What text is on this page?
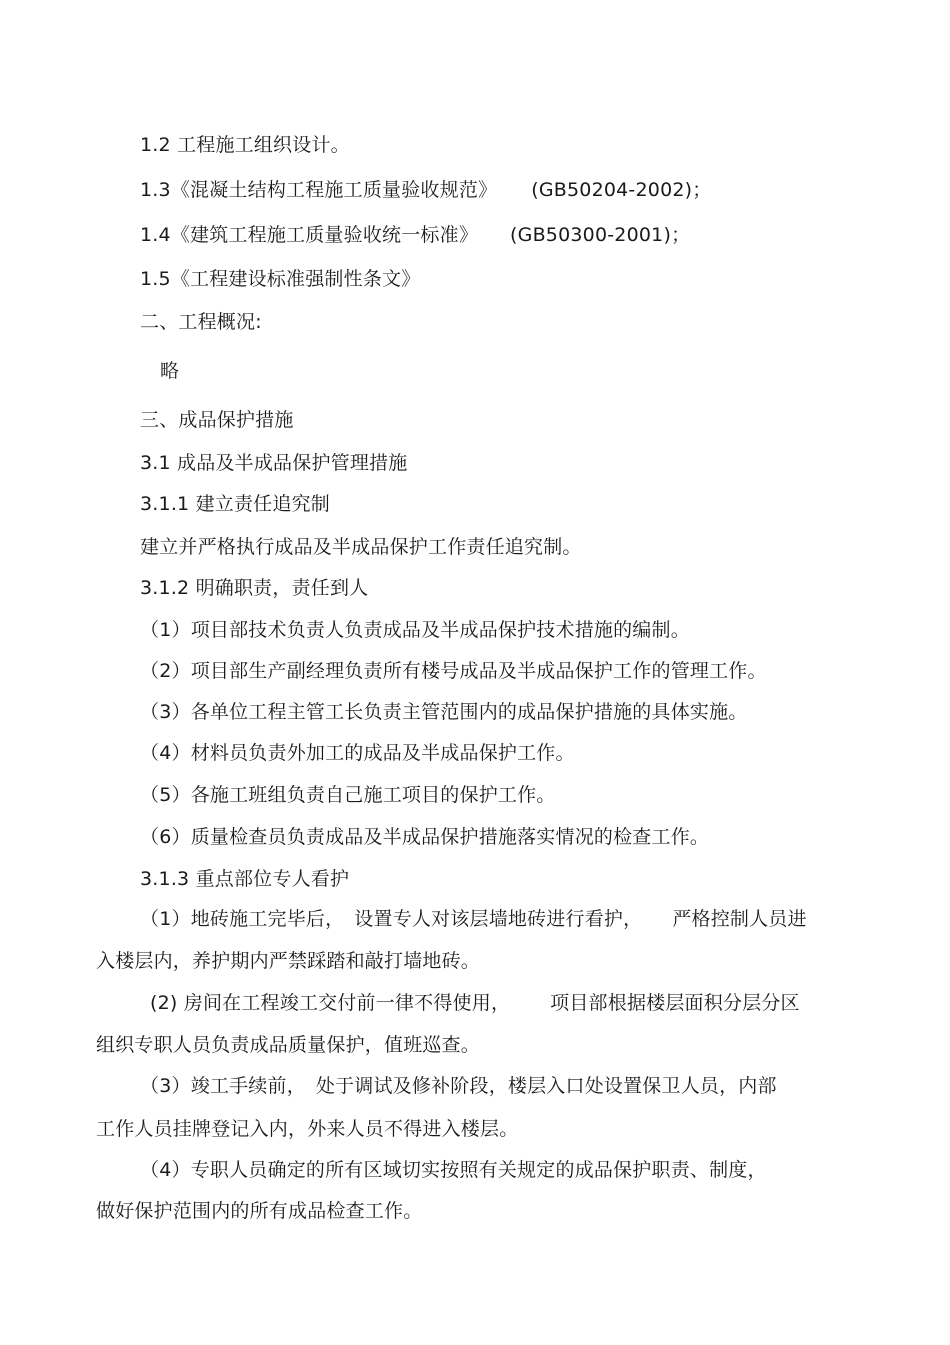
1.2 工程施工组织设计。
1.3《混凝土结构工程施工质量验收规范》 (GB50204-2002)；
1.4《建筑工程施工质量验收统一标准》 (GB50300-2001)；
1.5《工程建设标准强制性条文》
二、工程概况:
略
三、成品保护措施
3.1 成品及半成品保护管理措施
3.1.1 建立责任追究制
建立并严格执行成品及半成品保护工作责任追究制。
3.1.2 明确职责，责任到人
（1）项目部技术负责人负责成品及半成品保护技术措施的编制。
（2）项目部生产副经理负责所有楼号成品及半成品保护工作的管理工作。
（3）各单位工程主管工长负责主管范围内的成品保护措施的具体实施。
（4）材料员负责外加工的成品及半成品保护工作。
（5）各施工班组负责自己施工项目的保护工作。
（6）质量检查员负责成品及半成品保护措施落实情况的检查工作。
3.1.3 重点部位专人看护
（1）地砖施工完毕后， 设置专人对该层墙地砖进行看护， 严格控制人员进
入楼层内，养护期内严禁踩踏和敲打墙地砖。
(2) 房间在工程竣工交付前一律不得使用， 项目部根据楼层面积分层分区
组织专职人员负责成品质量保护，值班巡查。
（3）竣工手续前， 处于调试及修补阶段，楼层入口处设置保卫人员，内部
工作人员挂牌登记入内，外来人员不得进入楼层。
（4）专职人员确定的所有区域切实按照有关规定的成品保护职责、制度，
做好保护范围内的所有成品检查工作。
